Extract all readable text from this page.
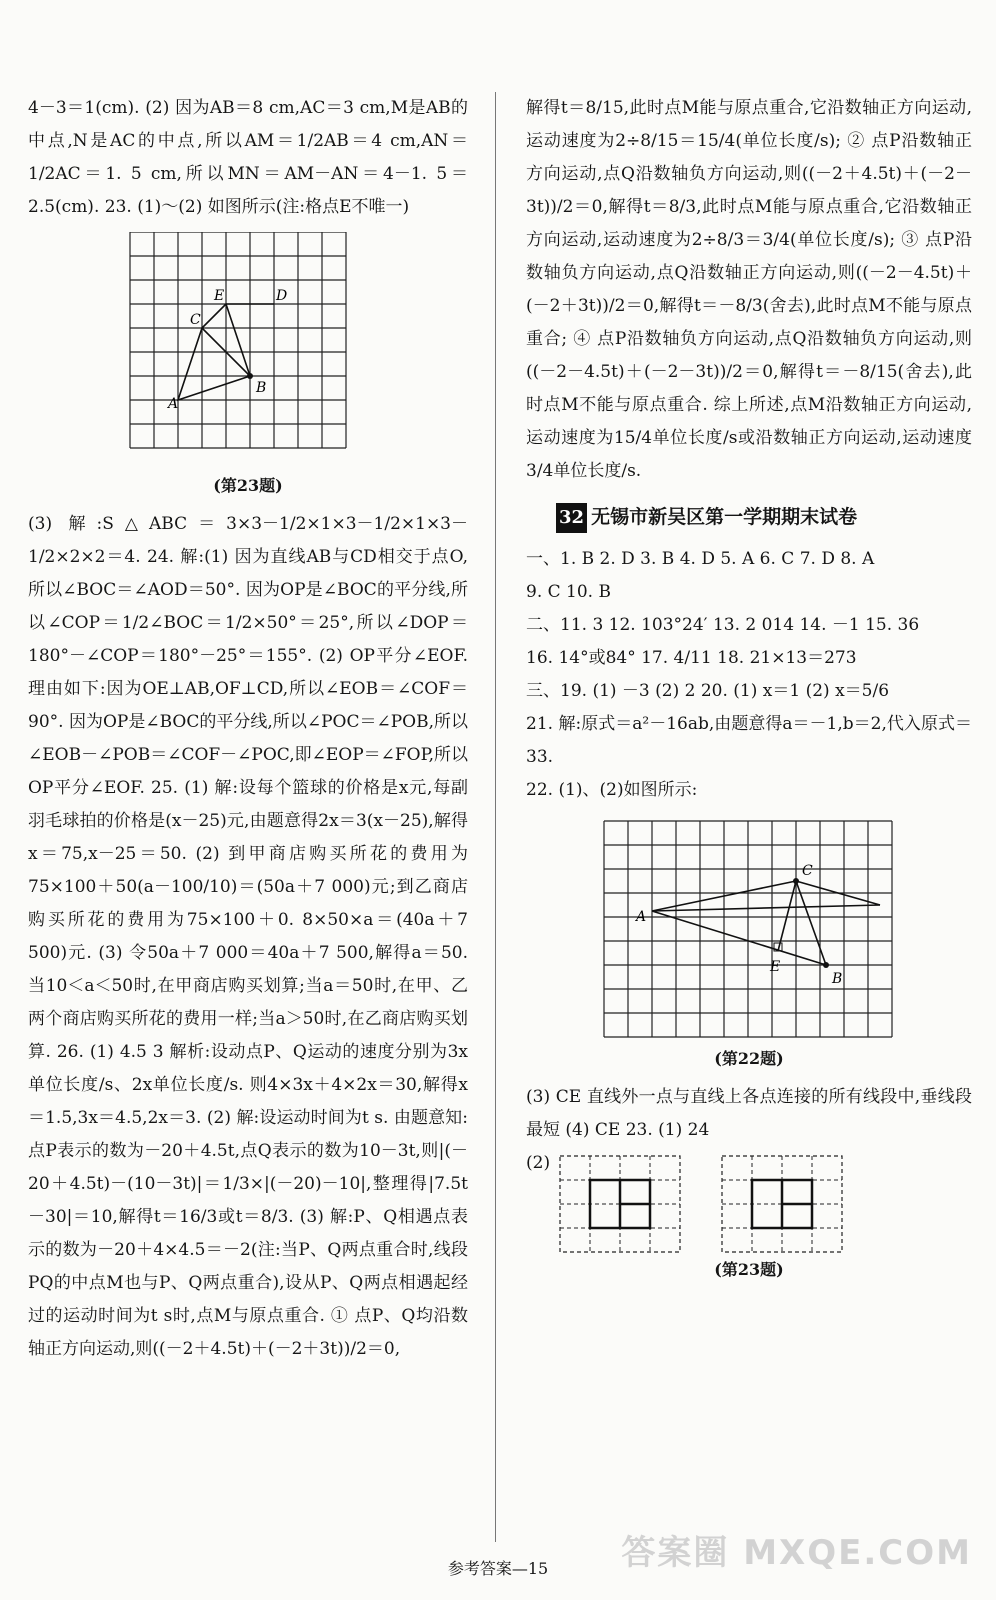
4－3＝1(cm). (2) 因为AB＝8 cm,AC＝3 cm,M是AB的中点,N是AC的中点,所以AM＝1/2AB＝4 cm,AN＝1/2AC＝1. 5 cm,所以MN＝AM－AN＝4－1. 5＝2.5(cm). 23. (1)～(2) 如图所示(注:格点E不唯一)

A
B
C
D
E
(第23题)

(3) 解:S△ABC＝3×3－1/2×1×3－1/2×1×3－1/2×2×2＝4. 24. 解:(1) 因为直线AB与CD相交于点O,所以∠BOC＝∠AOD＝50°. 因为OP是∠BOC的平分线,所以∠COP＝1/2∠BOC＝1/2×50°＝25°,所以∠DOP＝180°－∠COP＝180°－25°＝155°. (2) OP平分∠EOF. 理由如下:因为OE⊥AB,OF⊥CD,所以∠EOB＝∠COF＝90°. 因为OP是∠BOC的平分线,所以∠POC＝∠POB,所以∠EOB－∠POB＝∠COF－∠POC,即∠EOP＝∠FOP,所以OP平分∠EOF. 25. (1) 解:设每个篮球的价格是x元,每副羽毛球拍的价格是(x－25)元,由题意得2x＝3(x－25),解得x＝75,x－25＝50. (2) 到甲商店购买所花的费用为75×100＋50(a－100/10)＝(50a＋7 000)元;到乙商店购买所花的费用为75×100＋0. 8×50×a＝(40a＋7 500)元. (3) 令50a＋7 000＝40a＋7 500,解得a＝50. 当10＜a＜50时,在甲商店购买划算;当a＝50时,在甲、乙两个商店购买所花的费用一样;当a＞50时,在乙商店购买划算. 26. (1) 4.5 3 解析:设动点P、Q运动的速度分别为3x单位长度/s、2x单位长度/s. 则4×3x＋4×2x＝30,解得x＝1.5,3x＝4.5,2x＝3. (2) 解:设运动时间为t s. 由题意知:点P表示的数为－20＋4.5t,点Q表示的数为10－3t,则|(－20＋4.5t)－(10－3t)|＝1/3×|(－20)－10|,整理得|7.5t－30|＝10,解得t＝16/3或t＝8/3. (3) 解:P、Q相遇点表示的数为－20＋4×4.5＝－2(注:当P、Q两点重合时,线段PQ的中点M也与P、Q两点重合),设从P、Q两点相遇起经过的运动时间为t s时,点M与原点重合. ① 点P、Q均沿数轴正方向运动,则((－2＋4.5t)＋(－2＋3t))/2＝0,

解得t＝8/15,此时点M能与原点重合,它沿数轴正方向运动,运动速度为2÷8/15＝15/4(单位长度/s); ② 点P沿数轴正方向运动,点Q沿数轴负方向运动,则((－2＋4.5t)＋(－2－3t))/2＝0,解得t＝8/3,此时点M能与原点重合,它沿数轴正方向运动,运动速度为2÷8/3＝3/4(单位长度/s); ③ 点P沿数轴负方向运动,点Q沿数轴正方向运动,则((－2－4.5t)＋(－2＋3t))/2＝0,解得t＝－8/3(舍去),此时点M不能与原点重合; ④ 点P沿数轴负方向运动,点Q沿数轴负方向运动,则((－2－4.5t)＋(－2－3t))/2＝0,解得t＝－8/15(舍去),此时点M不能与原点重合. 综上所述,点M沿数轴正方向运动,运动速度为15/4单位长度/s或沿数轴正方向运动,运动速度3/4单位长度/s.

32 无锡市新吴区第一学期期末试卷

一、1. B 2. D 3. B 4. D 5. A 6. C 7. D 8. A

9. C 10. B

二、11. 3 12. 103°24′ 13. 2 014 14. －1 15. 36

16. 14°或84° 17. 4/11 18. 21×13＝273

三、19. (1) －3 (2) 2 20. (1) x＝1 (2) x＝5/6

21. 解:原式＝a²－16ab,由题意得a＝－1,b＝2,代入原式＝33.

22. (1)、(2)如图所示:

A
B
C
E
(第22题)

(3) CE 直线外一点与直线上各点连接的所有线段中,垂线段最短 (4) CE 23. (1) 24

(2)

(第23题)
参考答案—15	答案圈 MXQE.COM
